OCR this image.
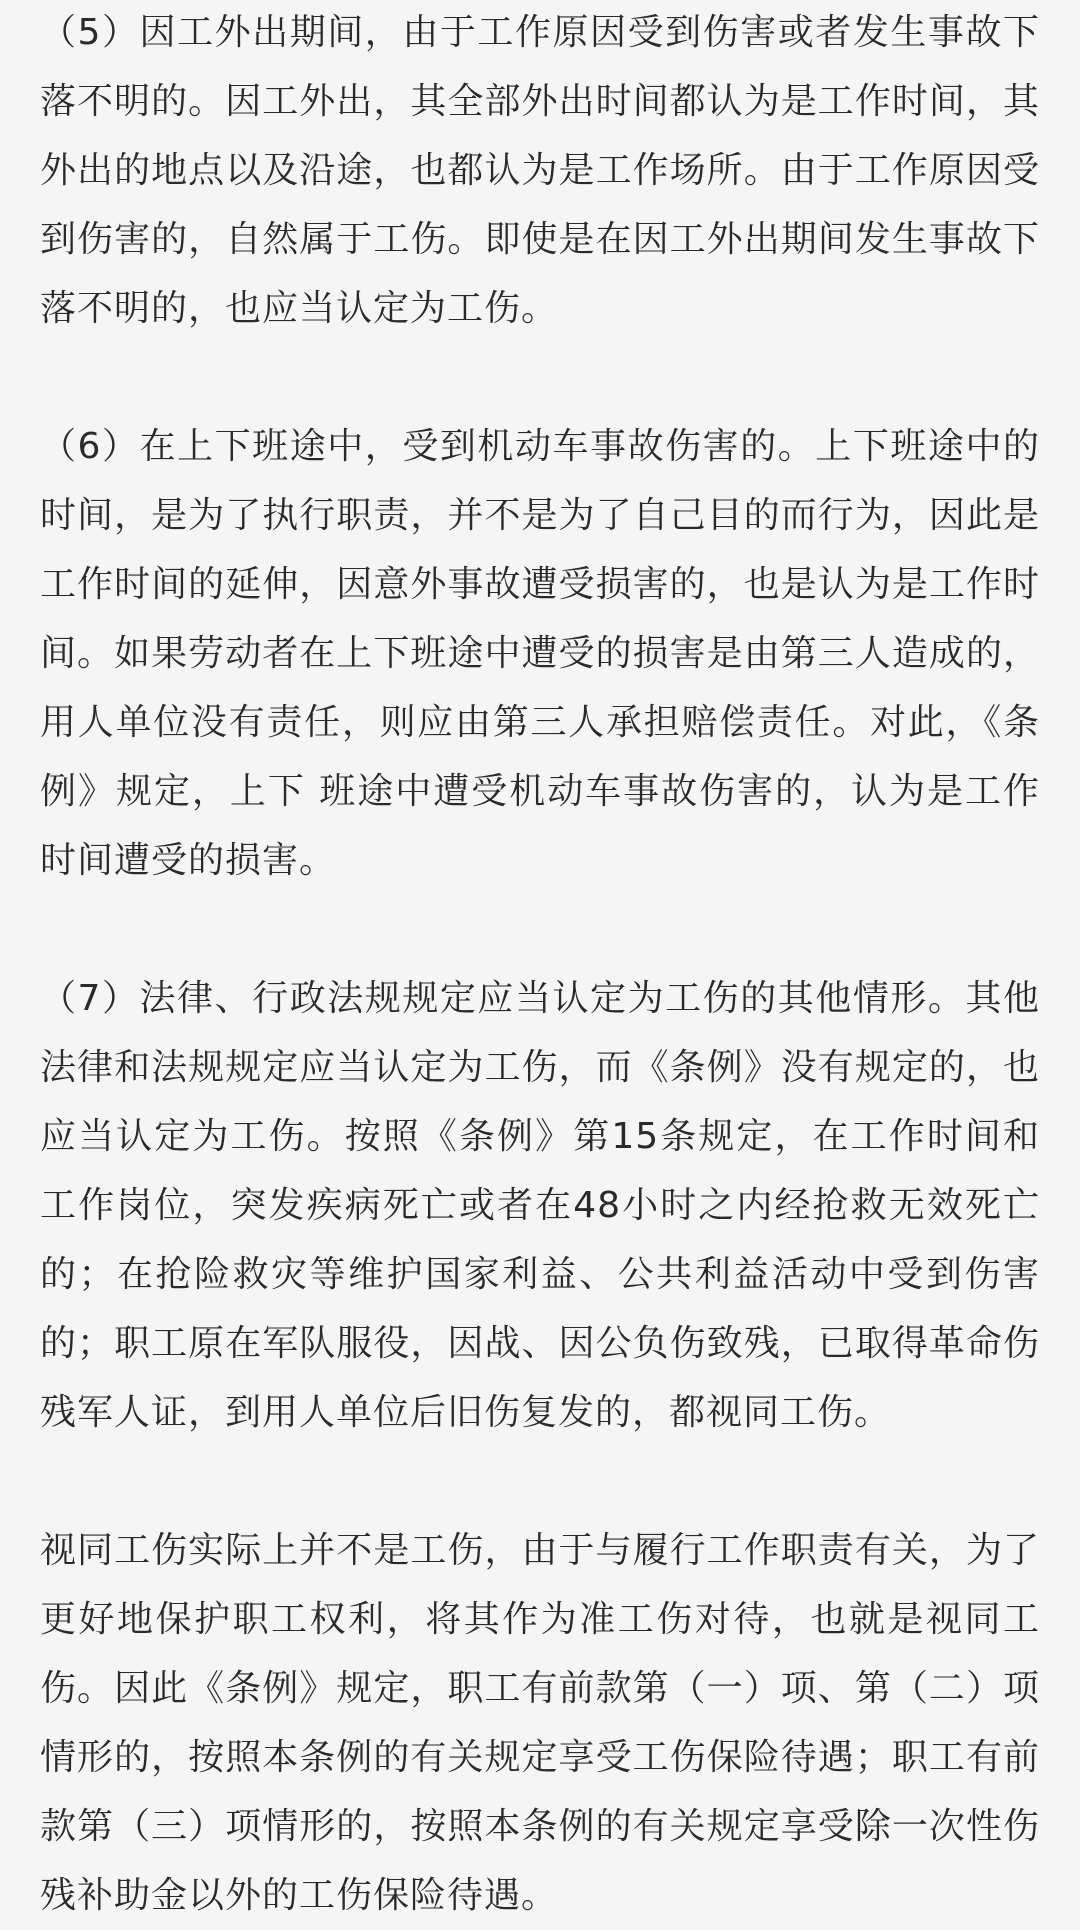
（5）因工外出期间，由于工作原因受到伤害或者发生事故下落不明的。因工外出，其全部外出时间都认为是工作时间，其外出的地点以及沿途，也都认为是工作场所。由于工作原因受到伤害的，自然属于工伤。即使是在因工外出期间发生事故下落不明的，也应当认定为工伤。

（6）在上下班途中，受到机动车事故伤害的。上下班途中的时间，是为了执行职责，并不是为了自己目的而行为，因此是工作时间的延伸，因意外事故遭受损害的，也是认为是工作时间。如果劳动者在上下班途中遭受的损害是由第三人造成的，用人单位没有责任，则应由第三人承担赔偿责任。对此，《条例》规定，上下 班途中遭受机动车事故伤害的，认为是工作时间遭受的损害。

（7）法律、行政法规规定应当认定为工伤的其他情形。其他法律和法规规定应当认定为工伤，而《条例》没有规定的，也应当认定为工伤。按照《条例》第15条规定，在工作时间和工作岗位，突发疾病死亡或者在48小时之内经抢救无效死亡的；在抢险救灾等维护国家利益、公共利益活动中受到伤害的；职工原在军队服役，因战、因公负伤致残，已取得革命伤残军人证，到用人单位后旧伤复发的，都视同工伤。

视同工伤实际上并不是工伤，由于与履行工作职责有关，为了更好地保护职工权利，将其作为准工伤对待，也就是视同工伤。因此《条例》规定，职工有前款第（一）项、第（二）项情形的，按照本条例的有关规定享受工伤保险待遇；职工有前款第（三）项情形的，按照本条例的有关规定享受除一次性伤残补助金以外的工伤保险待遇。
